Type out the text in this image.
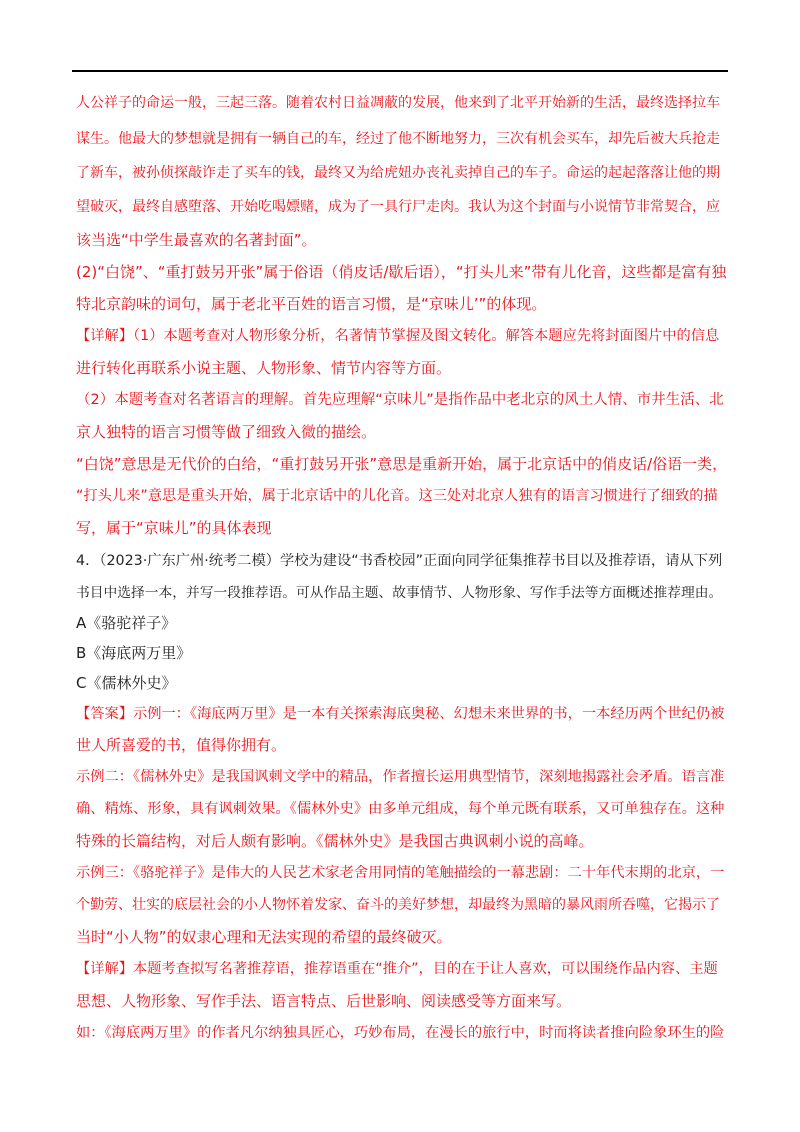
人公祥子的命运一般，三起三落。随着农村日益凋蔽的发展，他来到了北平开始新的生活，最终选择拉车
谋生。他最大的梦想就是拥有一辆自己的车，经过了他不断地努力，三次有机会买车，却先后被大兵抢走
了新车，被孙侦探敲诈走了买车的钱，最终又为给虎妞办丧礼卖掉自己的车子。命运的起起落落让他的期
望破灭，最终自感堕落、开始吃喝嫖赌，成为了一具行尸走肉。我认为这个封面与小说情节非常契合，应
该当选“中学生最喜欢的名著封面”。
(2)“白饶”、“重打鼓另开张”属于俗语（俏皮话/歇后语），“打头儿来”带有儿化音，这些都是富有独
特北京韵味的词句，属于老北平百姓的语言习惯，是“京味儿’”的体现。
【详解】（1）本题考查对人物形象分析，名著情节掌握及图文转化。解答本题应先将封面图片中的信息
进行转化再联系小说主题、人物形象、情节内容等方面。
（2）本题考查对名著语言的理解。首先应理解“京味儿”是指作品中老北京的风土人情、市井生活、北
京人独特的语言习惯等做了细致入微的描绘。
“白饶”意思是无代价的白给，“重打鼓另开张”意思是重新开始，属于北京话中的俏皮话/俗语一类，
“打头儿来”意思是重头开始，属于北京话中的儿化音。这三处对北京人独有的语言习惯进行了细致的描
写，属于“京味儿”的具体表现
4．（2023·广东广州·统考二模）学校为建设“书香校园”正面向同学征集推荐书目以及推荐语，请从下列
书目中选择一本，并写一段推荐语。可从作品主题、故事情节、人物形象、写作手法等方面概述推荐理由。
A《骆驼祥子》
B《海底两万里》
C《儒林外史》
【答案】示例一：《海底两万里》是一本有关探索海底奥秘、幻想未来世界的书，一本经历两个世纪仍被
世人所喜爱的书，值得你拥有。
示例二：《儒林外史》是我国讽刺文学中的精品，作者擅长运用典型情节，深刻地揭露社会矛盾。语言准
确、精炼、形象，具有讽刺效果。《儒林外史》由多单元组成，每个单元既有联系，又可单独存在。这种
特殊的长篇结构，对后人颇有影响。《儒林外史》是我国古典讽刺小说的高峰。
示例三：《骆驼祥子》是伟大的人民艺术家老舍用同情的笔触描绘的一幕悲剧：二十年代末期的北京，一
个勤劳、壮实的底层社会的小人物怀着发家、奋斗的美好梦想，却最终为黑暗的暴风雨所吞噬，它揭示了
当时“小人物”的奴隶心理和无法实现的希望的最终破灭。
【详解】本题考查拟写名著推荐语，推荐语重在“推介”，目的在于让人喜欢，可以围绕作品内容、主题
思想、人物形象、写作手法、语言特点、后世影响、阅读感受等方面来写。
如：《海底两万里》的作者凡尔纳独具匠心，巧妙布局，在漫长的旅行中，时而将读者推向险象环生的险
